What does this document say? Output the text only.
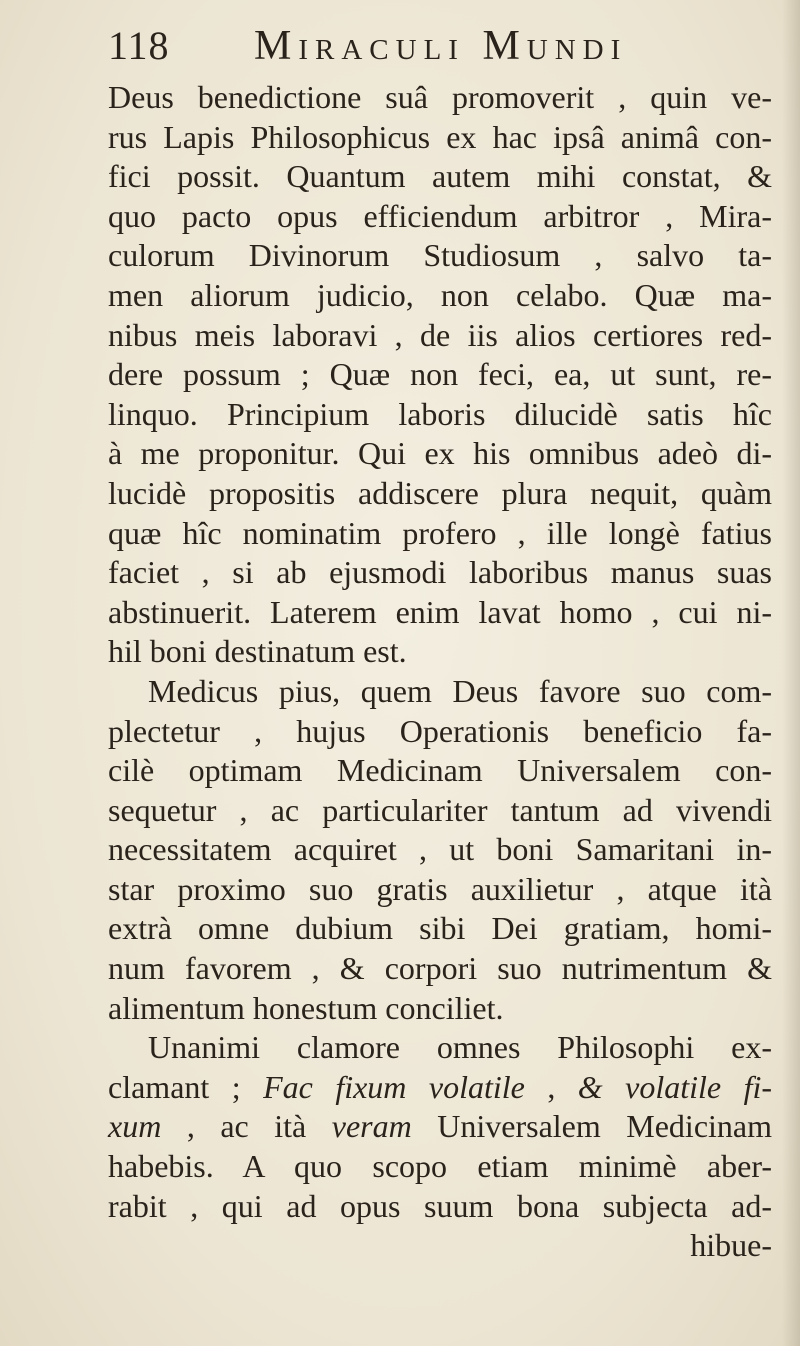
118 Miraculi Mundi
Deus benedictione suâ promoverit , quin ve-
rus Lapis Philosophicus ex hac ipsâ animâ con-
fici possit. Quantum autem mihi constat, &
quo pacto opus efficiendum arbitror , Mira-
culorum Divinorum Studiosum , salvo ta-
men aliorum judicio, non celabo. Quæ ma-
nibus meis laboravi , de iis alios certiores red-
dere possum ; Quæ non feci, ea, ut sunt, re-
linquo. Principium laboris dilucidè satis hîc
à me proponitur. Qui ex his omnibus adeò di-
lucidè propositis addiscere plura nequit, quàm
quæ hîc nominatim profero , ille longè fatius
faciet , si ab ejusmodi laboribus manus suas
abstinuerit. Laterem enim lavat homo , cui ni-
hil boni destinatum est.
Medicus pius, quem Deus favore suo com-
plectetur , hujus Operationis beneficio fa-
cilè optimam Medicinam Universalem con-
sequetur , ac particulariter tantum ad vivendi
necessitatem acquiret , ut boni Samaritani in-
star proximo suo gratis auxilietur , atque ità
extrà omne dubium sibi Dei gratiam, homi-
num favorem , & corpori suo nutrimentum &
alimentum honestum conciliet.
Unanimi clamore omnes Philosophi ex-
clamant ; Fac fixum volatile , & volatile fi-
xum , ac ità veram Universalem Medicinam
habebis. A quo scopo etiam minimè aber-
rabit , qui ad opus suum bona subjecta ad-
hibue-
